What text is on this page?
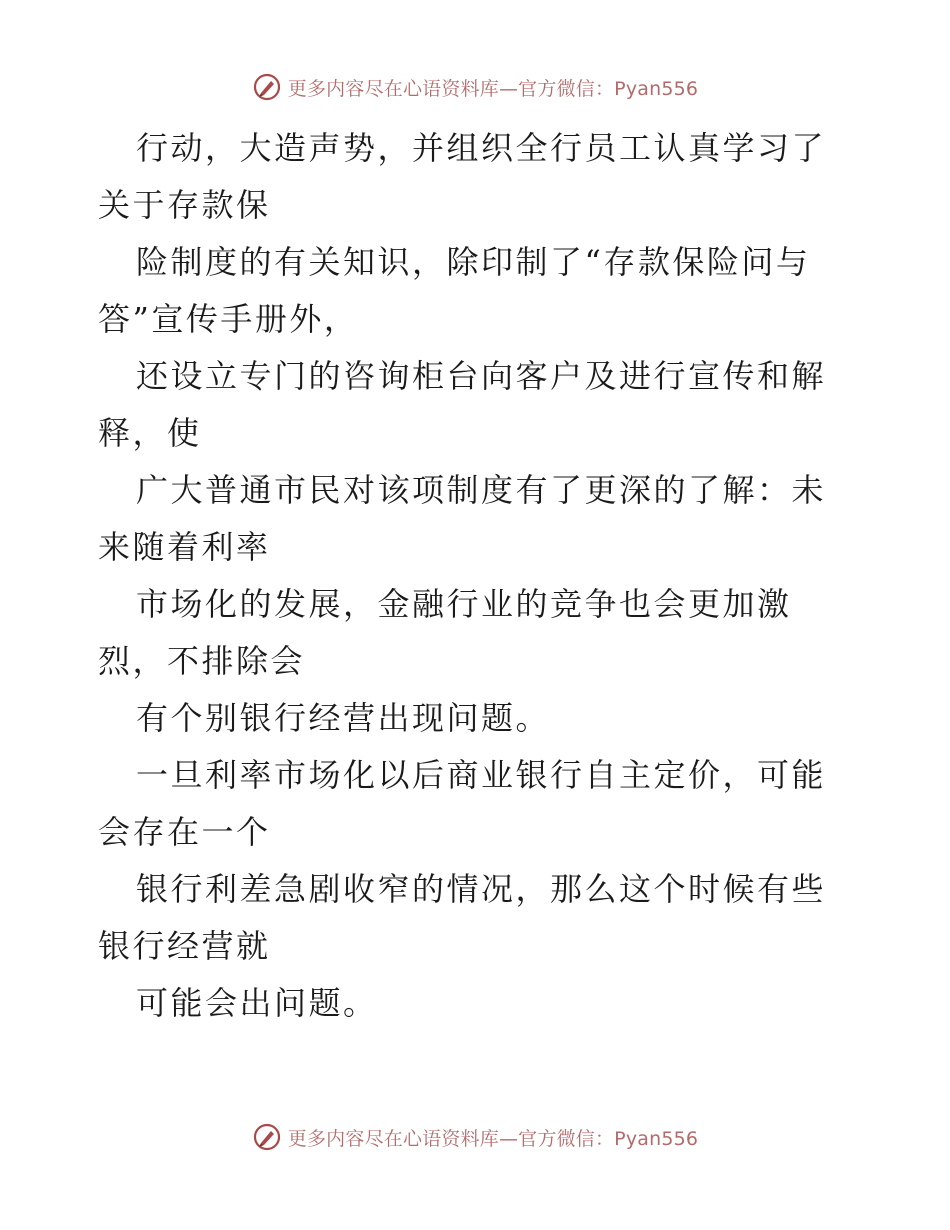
更多内容尽在心语资料库—官方微信：Pyan556

行动，大造声势，并组织全行员工认真学习了关于存款保

险制度的有关知识，除印制了“存款保险问与答”宣传手册外，

还设立专门的咨询柜台向客户及进行宣传和解释，使

广大普通市民对该项制度有了更深的了解：未来随着利率

市场化的发展，金融行业的竞争也会更加激烈，不排除会

有个别银行经营出现问题。

一旦利率市场化以后商业银行自主定价，可能会存在一个

银行利差急剧收窄的情况，那么这个时候有些银行经营就

可能会出问题。

更多内容尽在心语资料库—官方微信：Pyan556
